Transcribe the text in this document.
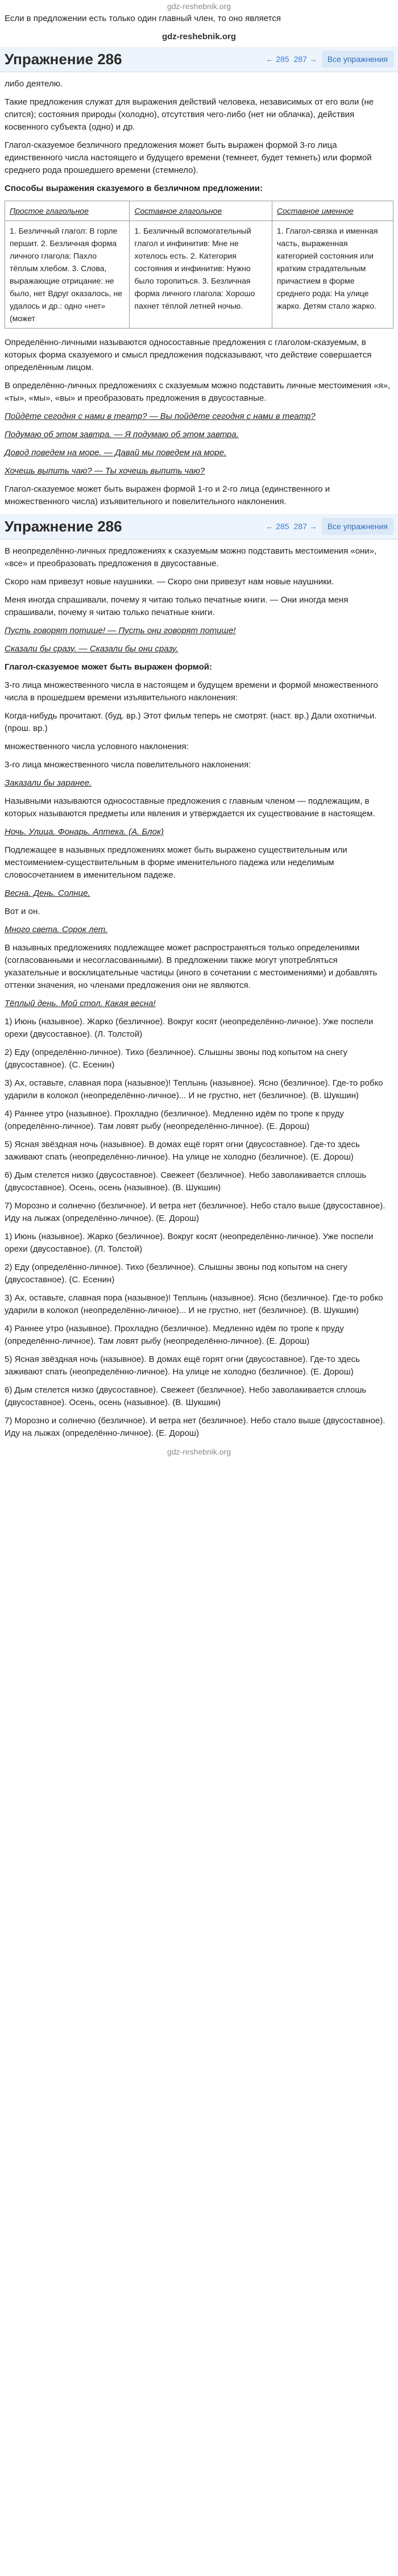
gdz-reshebnik.org

Если в предложении есть только один главный член, то оно является

gdz-reshebnik.org
Упражнение 286	← 285 287 →	Все упражнения

либо деятелю.

Такие предложения служат для выражения действий человека, независимых от его воли (не спится); состояния природы (холодно), отсутствия чего-либо (нет ни облачка), действия косвенного субъекта (одно) и др.

Глагол-сказуемое безличного предложения может быть выражен формой 3-го лица единственного числа настоящего и будущего времени (темнеет, будет темнеть) или формой среднего рода прошедшего времени (стемнело).

Способы выражения сказуемого в безличном предложении:

Простое глагольное	Составное глагольное	Составное именное
1. Безличный глагол: В горле першит. 2. Безличная форма личного глагола: Пахло тёплым хлебом. 3. Слова, выражающие отрицание: не было, нет Вдруг оказалось, не удалось и др.: одно «нет» (может	1. Безличный вспомогательный глагол и инфинитив: Мне не хотелось есть. 2. Категория состояния и инфинитив: Нужно было торопиться. 3. Безличная форма личного глагола: Хорошо пахнет тёплой летней ночью.	1. Глагол-связка и именная часть, выраженная категорией состояния или кратким страдательным причастием в форме среднего рода: На улице жарко. Детям стало жарко.

Определённо-личными называются односоставные предложения с глаголом-сказуемым, в которых форма сказуемого и смысл предложения подсказывают, что действие совершается определённым лицом.

В определённо-личных предложениях с сказуемым можно подставить личные местоимения «я», «ты», «мы», «вы» и преобразовать предложения в двусоставные.

Пойдёте сегодня с нами в театр? — Вы пойдёте сегодня с нами в театр?

Подумаю об этом завтра. — Я подумаю об этом завтра.

Довод поведем на море. — Давай мы поведем на море.

Хочешь выпить чаю? — Ты хочешь выпить чаю?

Глагол-сказуемое может быть выражен формой 1-го и 2-го лица (единственного и множественного числа) изъявительного и повелительного наклонения.

Упражнение 286	← 285 287 →	Все упражнения

В неопределённо-личных предложениях к сказуемым можно подставить местоимения «они», «все» и преобразовать предложения в двусоставные.

Скоро нам привезут новые наушники. — Скоро они привезут нам новые наушники.

Меня иногда спрашивали, почему я читаю только печатные книги. — Они иногда меня спрашивали, почему я читаю только печатные книги.

Пусть говорят потише! — Пусть они говорят потише!

Сказали бы сразу. — Сказали бы они сразу.

Глагол-сказуемое может быть выражен формой:

3-го лица множественного числа в настоящем и будущем времени и формой множественного числа в прошедшем времени изъявительного наклонения:

Когда-нибудь прочитают. (буд. вр.) Этот фильм теперь не смотрят. (наст. вр.) Дали охотничьи. (прош. вр.)

множественного числа условного наклонения:

3-го лица множественного числа повелительного наклонения:

Заказали бы заранее.

Назывными называются односоставные предложения с главным членом — подлежащим, в которых называются предметы или явления и утверждается их существование в настоящем.

Ночь. Улица. Фонарь. Аптека. (А. Блок)

Подлежащее в назывных предложениях может быть выражено существительным или местоимением-существительным в форме именительного падежа или неделимым словосочетанием в именительном падеже.

Весна. День. Солнце.

Вот и он.

Много света. Сорок лет.

В назывных предложениях подлежащее может распространяться только определениями (согласованными и несогласованными). В предложении также могут употребляться указательные и восклицательные частицы (иного в сочетании с местоимениями) и добавлять оттенки значения, но членами предложения они не являются.

Тёплый день. Мой стол. Какая весна!

1) Июнь (назывное). Жарко (безличное). Вокруг косят (неопределённо-личное). Уже поспели орехи (двусоставное). (Л. Толстой)

2) Еду (определённо-личное). Тихо (безличное). Слышны звоны под копытом на снегу (двусоставное). (С. Есенин)

3) Ах, оставьте, славная пора (назывное)! Теплынь (назывное). Ясно (безличное). Где-то робко ударили в колокол (неопределённо-личное)... И не грустно, нет (безличное). (В. Шукшин)

4) Раннее утро (назывное). Прохладно (безличное). Медленно идём по тропе к пруду (определённо-личное). Там ловят рыбу (неопределённо-личное). (Е. Дорош)

5) Ясная звёздная ночь (назывное). В домах ещё горят огни (двусоставное). Где-то здесь заживают спать (неопределённо-личное). На улице не холодно (безличное). (Е. Дорош)

6) Дым стелется низко (двусоставное). Свежеет (безличное). Небо заволакивается сплошь (двусоставное). Осень, осень (назывное). (В. Шукшин)

7) Морозно и солнечно (безличное). И ветра нет (безличное). Небо стало выше (двусоставное). Иду на лыжах (определённо-личное). (Е. Дорош)

1) Июнь (назывное). Жарко (безличное). Вокруг косят (неопределённо-личное). Уже поспели орехи (двусоставное). (Л. Толстой)

2) Еду (определённо-личное). Тихо (безличное). Слышны звоны под копытом на снегу (двусоставное). (С. Есенин)

3) Ах, оставьте, славная пора (назывное)! Теплынь (назывное). Ясно (безличное). Где-то робко ударили в колокол (неопределённо-личное)... И не грустно, нет (безличное). (В. Шукшин)

4) Раннее утро (назывное). Прохладно (безличное). Медленно идём по тропе к пруду (определённо-личное). Там ловят рыбу (неопределённо-личное). (Е. Дорош)

5) Ясная звёздная ночь (назывное). В домах ещё горят огни (двусоставное). Где-то здесь заживают спать (неопределённо-личное). На улице не холодно (безличное). (Е. Дорош)

6) Дым стелется низко (двусоставное). Свежеет (безличное). Небо заволакивается сплошь (двусоставное). Осень, осень (назывное). (В. Шукшин)

7) Морозно и солнечно (безличное). И ветра нет (безличное). Небо стало выше (двусоставное). Иду на лыжах (определённо-личное). (Е. Дорош)

gdz-reshebnik.org
